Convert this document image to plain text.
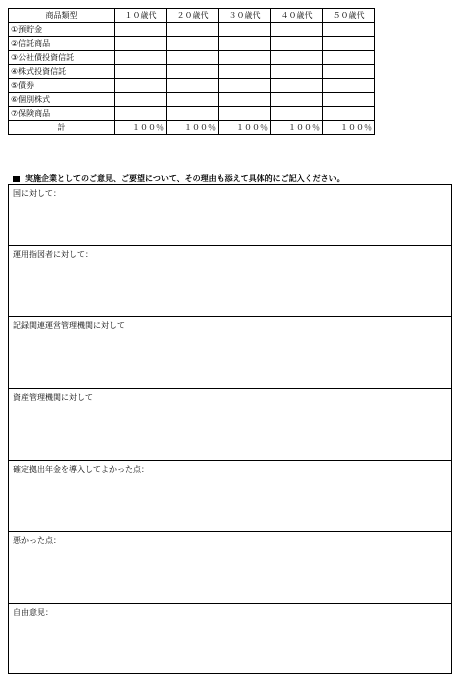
商品類型	１０歳代	２０歳代	３０歳代	４０歳代	５０歳代
①預貯金					
②信託商品					
③公社債投資信託					
④株式投資信託					
⑤債券					
⑥個別株式					
⑦保険商品					
計	１００％	１００％	１００％	１００％	１００％
実施企業としてのご意見、ご要望について、その理由も添えて具体的にご記入ください。
国に対して：
運用指図者に対して：
記録関連運営管理機関に対して
資産管理機関に対して
確定拠出年金を導入してよかった点：
悪かった点：
自由意見：
